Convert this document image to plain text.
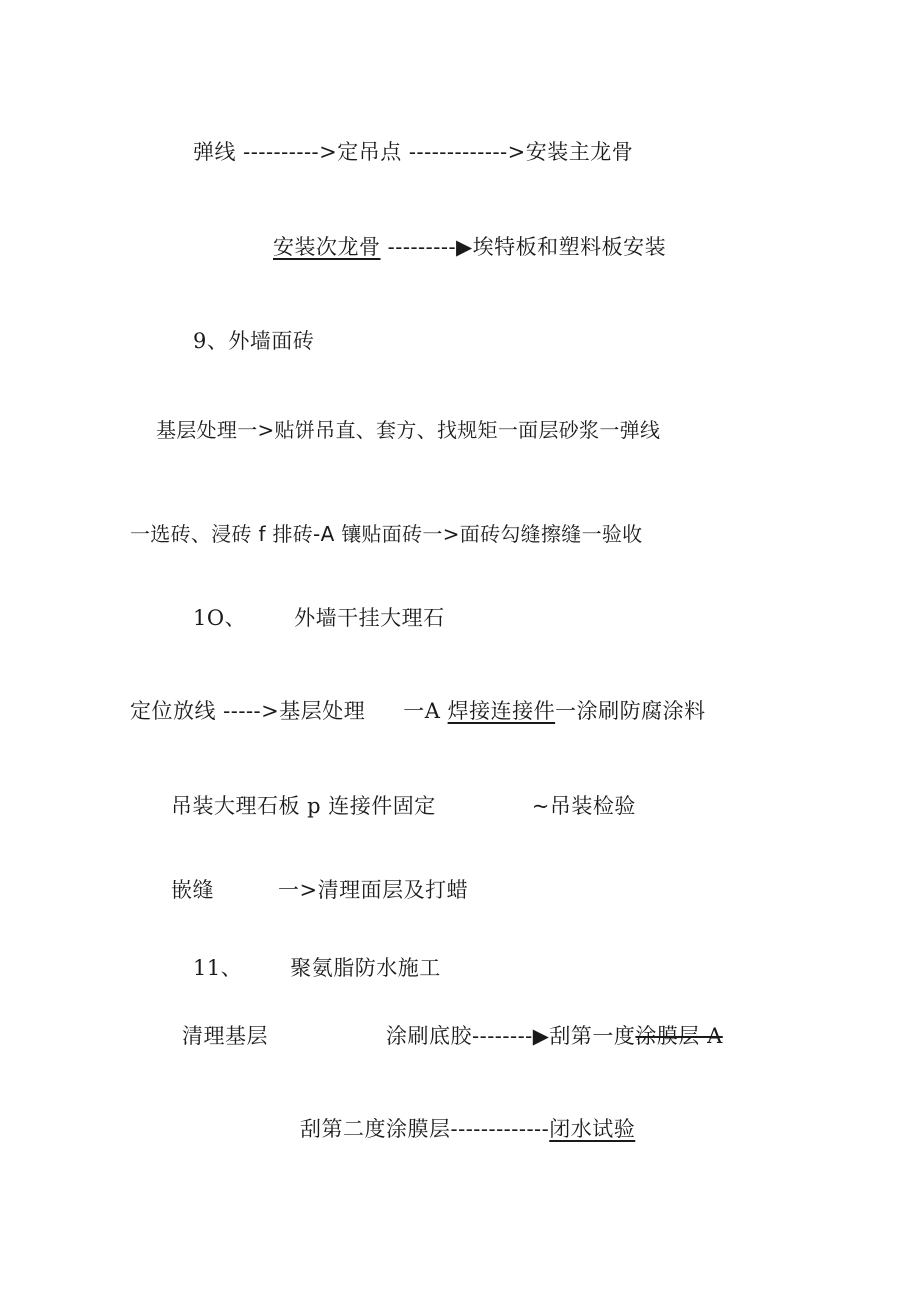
弹线 ---------->定吊点 ------------->安装主龙骨
安装次龙骨 ---------▶埃特板和塑料板安装
9、外墙面砖
基层处理一>贴饼吊直、套方、找规矩一面层砂浆一弹线
一选砖、浸砖 f 排砖-A 镶贴面砖一>面砖勾缝擦缝一验收
1O、 外墙干挂大理石
定位放线 ----->基层处理 一A 焊接连接件一涂刷防腐涂料
吊装大理石板 p 连接件固定	~吊装检验
嵌缝	一>清理面层及打蜡
11、 聚氨脂防水施工
清理基层	涂刷底胶--------▶刮第一度涂膜层 A
刮第二度涂膜层-------------闭水试验
